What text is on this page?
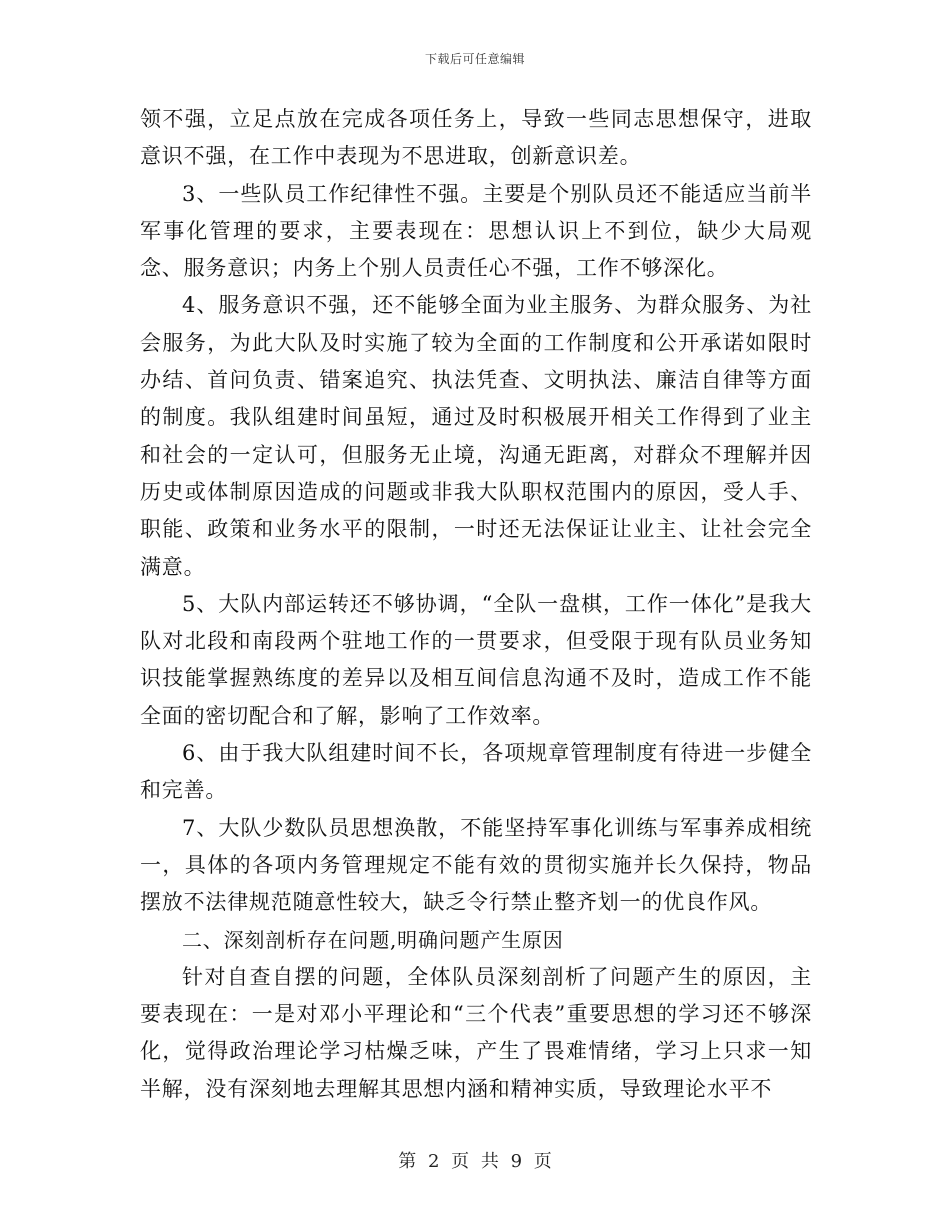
下载后可任意编辑

领不强，立足点放在完成各项任务上，导致一些同志思想保守，进取意识不强，在工作中表现为不思进取，创新意识差。

3、一些队员工作纪律性不强。主要是个别队员还不能适应当前半军事化管理的要求，主要表现在：思想认识上不到位，缺少大局观念、服务意识；内务上个别人员责任心不强，工作不够深化。

4、服务意识不强，还不能够全面为业主服务、为群众服务、为社会服务，为此大队及时实施了较为全面的工作制度和公开承诺如限时办结、首问负责、错案追究、执法凭查、文明执法、廉洁自律等方面的制度。我队组建时间虽短，通过及时积极展开相关工作得到了业主和社会的一定认可，但服务无止境，沟通无距离，对群众不理解并因历史或体制原因造成的问题或非我大队职权范围内的原因，受人手、职能、政策和业务水平的限制，一时还无法保证让业主、让社会完全满意。

5、大队内部运转还不够协调，“全队一盘棋，工作一体化”是我大队对北段和南段两个驻地工作的一贯要求，但受限于现有队员业务知识技能掌握熟练度的差异以及相互间信息沟通不及时，造成工作不能全面的密切配合和了解，影响了工作效率。

6、由于我大队组建时间不长，各项规章管理制度有待进一步健全和完善。

7、大队少数队员思想涣散，不能坚持军事化训练与军事养成相统一，具体的各项内务管理规定不能有效的贯彻实施并长久保持，物品摆放不法律规范随意性较大，缺乏令行禁止整齐划一的优良作风。

二、深刻剖析存在问题,明确问题产生原因

针对自查自摆的问题，全体队员深刻剖析了问题产生的原因，主要表现在：一是对邓小平理论和“三个代表”重要思想的学习还不够深化，觉得政治理论学习枯燥乏味，产生了畏难情绪，学习上只求一知半解，没有深刻地去理解其思想内涵和精神实质，导致理论水平不

第 2 页 共 9 页
